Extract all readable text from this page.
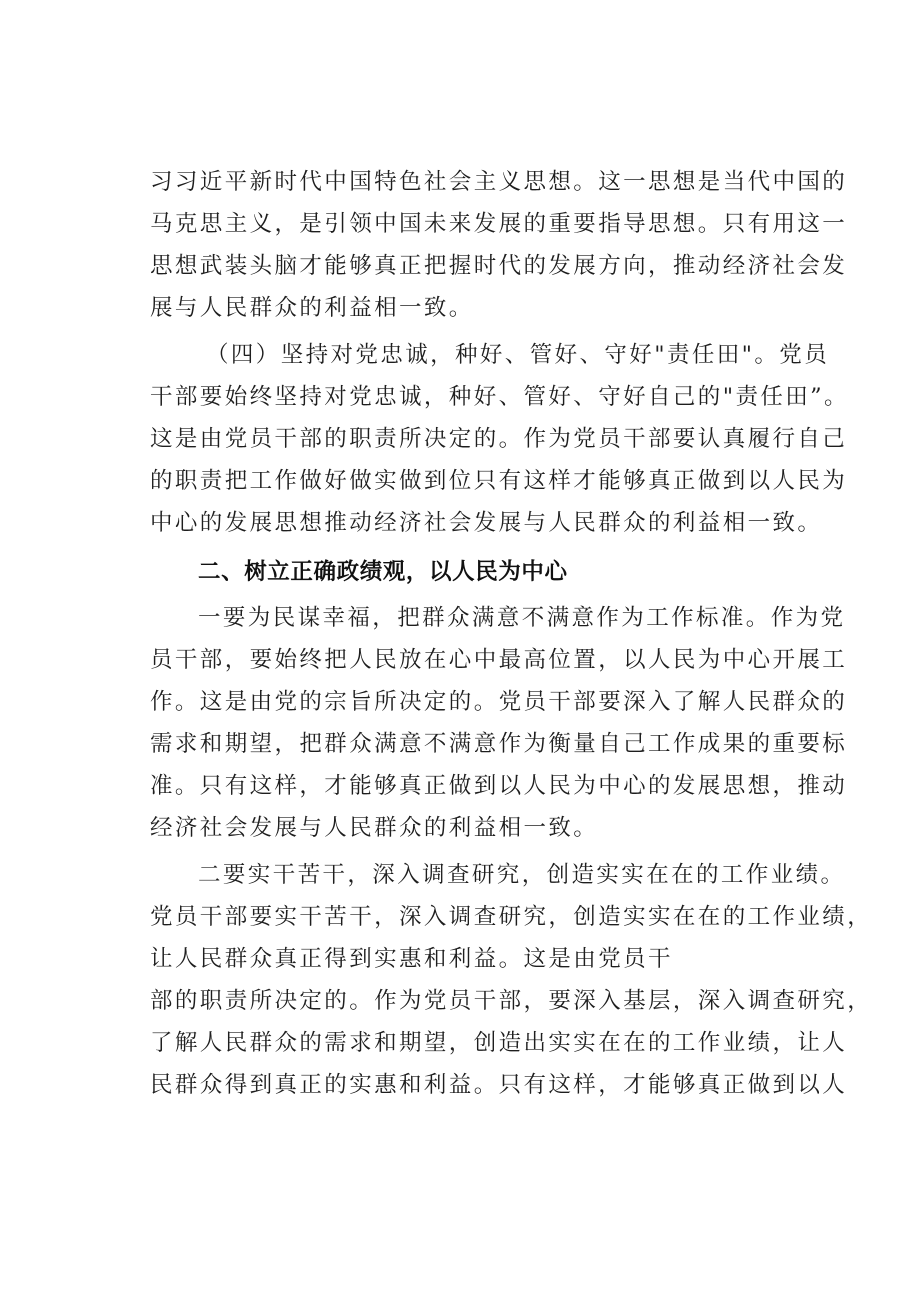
习习近平新时代中国特色社会主义思想。这一思想是当代中国的
马克思主义，是引领中国未来发展的重要指导思想。只有用这一
思想武装头脑才能够真正把握时代的发展方向，推动经济社会发
展与人民群众的利益相一致。
（四）坚持对党忠诚，种好、管好、守好"责任田"。党员
干部要始终坚持对党忠诚，种好、管好、守好自己的"责任田”。
这是由党员干部的职责所决定的。作为党员干部要认真履行自己
的职责把工作做好做实做到位只有这样才能够真正做到以人民为
中心的发展思想推动经济社会发展与人民群众的利益相一致。
二、树立正确政绩观，以人民为中心
一要为民谋幸福，把群众满意不满意作为工作标准。作为党
员干部，要始终把人民放在心中最高位置，以人民为中心开展工
作。这是由党的宗旨所决定的。党员干部要深入了解人民群众的
需求和期望，把群众满意不满意作为衡量自己工作成果的重要标
准。只有这样，才能够真正做到以人民为中心的发展思想，推动
经济社会发展与人民群众的利益相一致。
二要实干苦干，深入调查研究，创造实实在在的工作业绩。
党员干部要实干苦干，深入调查研究，创造实实在在的工作业绩，
让人民群众真正得到实惠和利益。这是由党员干
部的职责所决定的。作为党员干部，要深入基层，深入调查研究，
了解人民群众的需求和期望，创造出实实在在的工作业绩，让人
民群众得到真正的实惠和利益。只有这样，才能够真正做到以人
